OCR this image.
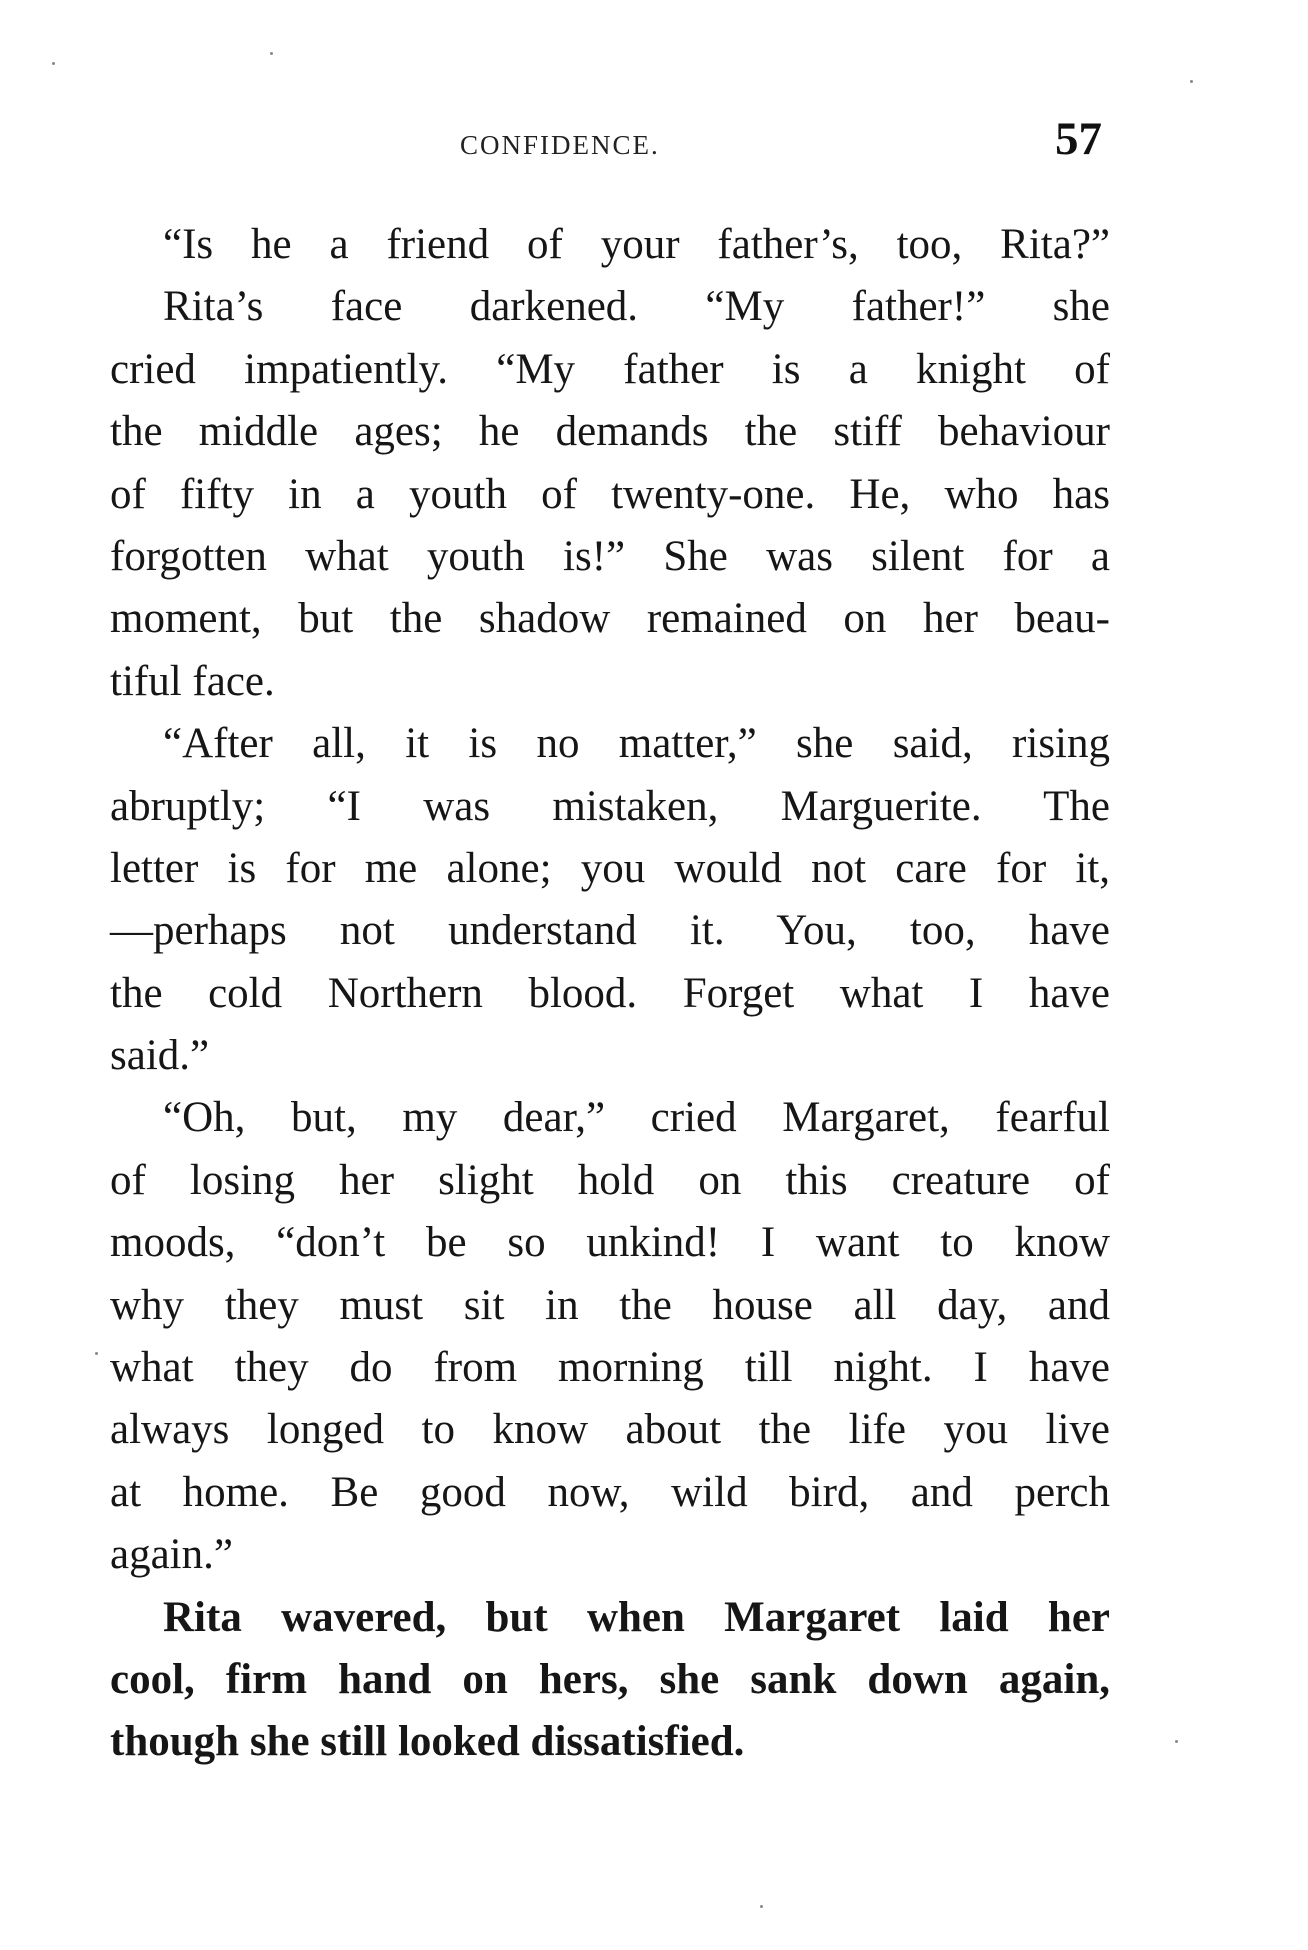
CONFIDENCE.	57
“Is he a friend of your father’s, too, Rita?”
Rita’s face darkened. “My father!” she
cried impatiently. “My father is a knight of
the middle ages; he demands the stiff behaviour
of fifty in a youth of twenty-one. He, who has
forgotten what youth is!” She was silent for a
moment, but the shadow remained on her beau-
tiful face.
“After all, it is no matter,” she said, rising
abruptly; “I was mistaken, Marguerite. The
letter is for me alone; you would not care for it,
—perhaps not understand it. You, too, have
the cold Northern blood. Forget what I have
said.”
“Oh, but, my dear,” cried Margaret, fearful
of losing her slight hold on this creature of
moods, “don’t be so unkind! I want to know
why they must sit in the house all day, and
what they do from morning till night. I have
always longed to know about the life you live
at home. Be good now, wild bird, and perch
again.”
Rita wavered, but when Margaret laid her
cool, firm hand on hers, she sank down again,
though she still looked dissatisfied.
